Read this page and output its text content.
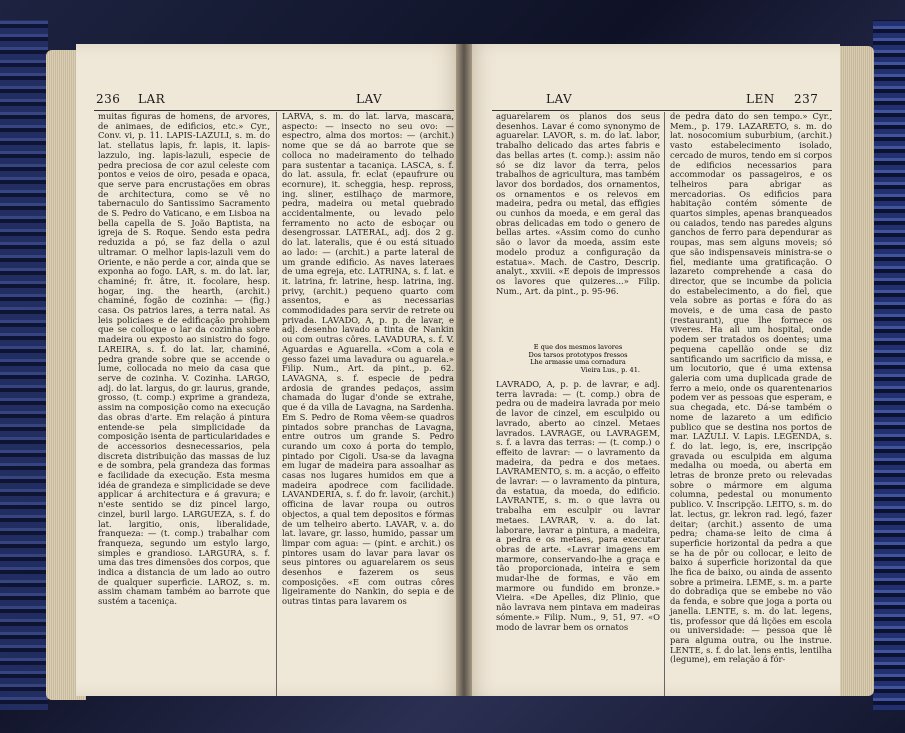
236 LAR	LAV
muitas figuras de homens, de arvores, de animaes, de edificios, etc.» Cyr., Conv. vi, p. 11. LAPIS-LAZULI, s. m. do lat. stellatus lapis, fr. lapis, it. lapis-lazzulo, ing. lapis-lazuli, especie de pedra preciosa de cor azul celeste com pontos e veios de oiro, pesada e opaca, que serve para encrustações em obras de architectura, como se vê no tabernaculo do Santissimo Sacramento de S. Pedro do Vaticano, e em Lisboa na bella capella de S. João Baptista, na igreja de S. Roque. Sendo esta pedra reduzida a pó, se faz della o azul ultramar. O melhor lapis-lazuli vem do Oriente, e não perde a cor, ainda que se exponha ao fogo. LAR, s. m. do lat. lar, chaminé; fr. âtre, it. focolare, hesp. hogar, ing. the hearth, (archit.) chaminé, fogão de cozinha: — (fig.) casa. Os patrios lares, a terra natal. As leis policiaes e de edificação prohibem que se colloque o lar da cozinha sobre madeira ou exposto ao sinistro do fogo. LAREIRA, s. f. do lat. lar, chaminé, pedra grande sobre que se accende o lume, collocada no meio da casa que serve de cozinha. V. Cozinha. LARGO, adj. do lat. largus, do gr. laurus, grande, grosso, (t. comp.) exprime a grandeza, assim na composição como na execução das obras d'arte. Em relação á pintura entende-se pela simplicidade da composição isenta de particularidades e de accessorios desnecessarios, pela discreta distribuição das massas de luz e de sombra, pela grandeza das formas e facilidade da execução. Esta mesma idéa de grandeza e simplicidade se deve applicar á architectura e á gravura; e n'este sentido se diz pincel largo, cinzel, buril largo. LARGUEZA, s. f. do lat. largitio, onis, liberalidade, franqueza: — (t. comp.) trabalhar com franqueza, segundo um estylo largo, simples e grandioso. LARGURA, s. f. uma das tres dimensões dos corpos, que indica a distancia de um lado ao outro de qualquer superficie. LAROZ, s. m. assim chamam também ao barrote que sustém a taceniça.
LARVA, s. m. do lat. larva, mascara, aspecto: — insecto no seu ovo: — espectro, alma dos mortos: — (archit.) nome que se dá ao barrote que se colloca no madeiramento do telhado para sustentar a tacaniça. LASCA, s. f. do lat. assula, fr. eclat (epaufrure ou ecornure), it. scheggia, hesp. repross, ing. sliner, estilhaço de marmore, pedra, madeira ou metal quebrado accidentalmente, ou levado pelo ferramento no acto de esboçar ou desengrossar. LATERAL, adj. dos 2 g. do lat. lateralis, que é ou está situado ao lado: — (archit.) a parte lateral de um grande edificio. As naves lateraes de uma egreja, etc. LATRINA, s. f. lat. e it. latrina, fr. latrine, hesp. latrina, ing. privy, (archit.) pequeno quarto com assentos, e as necessarias commodidades para servir de retrete ou privada. LAVADO, A, p. p. de lavar, e adj. desenho lavado a tinta de Nankin ou com outras côres. LAVADURA, s. f. V. Aguardas e Aguarella. «Com a cola e gesso fazei uma lavadura ou aguarela.» Filip. Num., Art. da pint., p. 62. LAVAGNA, s. f. especie de pedra ardosia de grandes pedaços, assim chamada do lugar d'onde se extrahe, que é da villa de Lavagna, na Sardenha. Em S. Pedro de Roma vêem-se quadros pintados sobre pranchas de Lavagna, entre outros um grande S. Pedro curando um coxo á porta do templo, pintado por Cigoli. Usa-se da lavagna em lugar de madeira para assoalhar as casas nos lugares humidos em que a madeira apodrece com facilidade. LAVANDERIA, s. f. do fr. lavoir, (archit.) officina de lavar roupa ou outros objectos, a qual tem depositos e fórmas de um telheiro aberto. LAVAR, v. a. do lat. lavare, gr. lasso, humido, passar um limpar com agua: — (pint. e archit.) os pintores usam do lavar para lavar os seus pintores ou aguarelarem os seus desenhos e fazerem os seus composições. «E com outras côres ligeiramente do Nankin, do sepia e de outras tintas para lavarem os
LAV	LEN 237
aguarelarem os planos dos seus desenhos. Lavar é como synonymo de aguarelar. LAVOR, s. m. do lat. labor, trabalho delicado das artes fabris e das bellas artes (t. comp.): assim não só se diz lavor da terra, pelos trabalhos de agricultura, mas também lavor dos bordados, dos ornamentos, os ornamentos e os relevos em madeira, pedra ou metal, das effigies ou cunhos da moeda, e em geral das obras delicadas em todo o genero de bellas artes. «Assim como do cunho são o lavor da moeda, assim este modelo produz a configuração da estatua». Mach. de Castro, Descrip. analyt., xxviii. «E depois de impressos os lavores que quizeres...» Filip. Num., Art. da pint., p. 95-96.
E que dos mesmos lavores
Dos tarsos prototypos fressos
Lhe armasse uma cornadura
Vieira Lus., p. 41.
LAVRADO, A, p. p. de lavrar, e adj. terra lavrada: — (t. comp.) obra de pedra ou de madeira lavrada por meio de lavor de cinzel, em esculpido ou lavrado, aberto ao cinzel. Metaes lavrados. LAVRAGE, ou LAVRAGEM, s. f. a lavra das terras: — (t. comp.) o effeito de lavrar: — o lavramento da madeira, da pedra e dos metaes. LAVRAMENTO, s. m. a acção, o effeito de lavrar: — o lavramento da pintura, da estatua, da moeda, do edificio. LAVRANTE, s. m. o que lavra ou trabalha em esculpir ou lavrar metaes. LAVRAR, v. a. do lat. laborare, lavrar a pintura, a madeira, a pedra e os metaes, para executar obras de arte. «Lavrar imagens em marmore, conservando-lhe a graça e tão proporcionada, inteira e sem mudar-lhe de formas, e vão em marmore ou fundido em bronze.» Vieira. «De Apelles, diz Plinio, que não lavrava nem pintava em madeiras sómente.» Filip. Num., 9, 51, 97. «O modo de lavrar bem os ornatos
de pedra dato do sen tempo.» Cyr., Mem., p. 179. LAZARETO, s. m. do lat. nosocomium suburbium, (archit.) vasto estabelecimento isolado, cercado de muros, tendo em si corpos de edificios necessarios para accommodar os passageiros, e os telheiros para abrigar as mercadorias. Os edificios para habitação contém sómente de quartos simples, apenas branqueados ou caiados, tendo nas paredes alguns ganchos de ferro para dependurar as roupas, mas sem alguns moveis; só que são indispensaveis ministra-se o fiel, mediante uma gratificação. O lazareto comprehende a casa do director, que se incumbe da policia do estabelecimento, a do fiel, que vela sobre as portas e fóra do as moveis, e de uma casa de pasto (restaurant), que lhe fornece os viveres. Ha ali um hospital, onde podem ser tratados os doentes; uma pequena capellão onde se diz santificando um sacrificio da missa, e um locutorio, que é uma extensa galeria com uma duplicada grade de ferro a meio, onde os quarentenarios podem ver as pessoas que esperam, e sua chegada, etc. Dá-se também o nome de lazareto a um edificio publico que se destina nos portos de mar. LAZULI. V. Lapis. LEGENDA, s. f. do lat. lego, is, ere, inscripção gravada ou esculpida em alguma medalha ou moeda, ou aberta em letras de bronze preto ou relevadas sobre o mármore em alguma columna, pedestal ou monumento publico. V. Inscripção. LEITO, s. m. do lat. lectus, gr. lekron rad. legó, fazer deitar; (archit.) assento de uma pedra; chama-se leito de cima á superficie horizontal da pedra a que se ha de pôr ou collocar, e leito de baixo á superficie horizontal da que lhe fica de baixo, ou ainda de assento sobre a primeira. LEME, s. m. a parte do dobradiça que se embebe no vão da fenda, e sobre que joga a porta ou janella. LENTE, s. m. do lat. legens, tis, professor que dá lições em escola ou universidade: — pessoa que lê para alguma outra, ou lhe instrue. LENTE, s. f. do lat. lens entis, lentilha (legume), em relação á fór-
